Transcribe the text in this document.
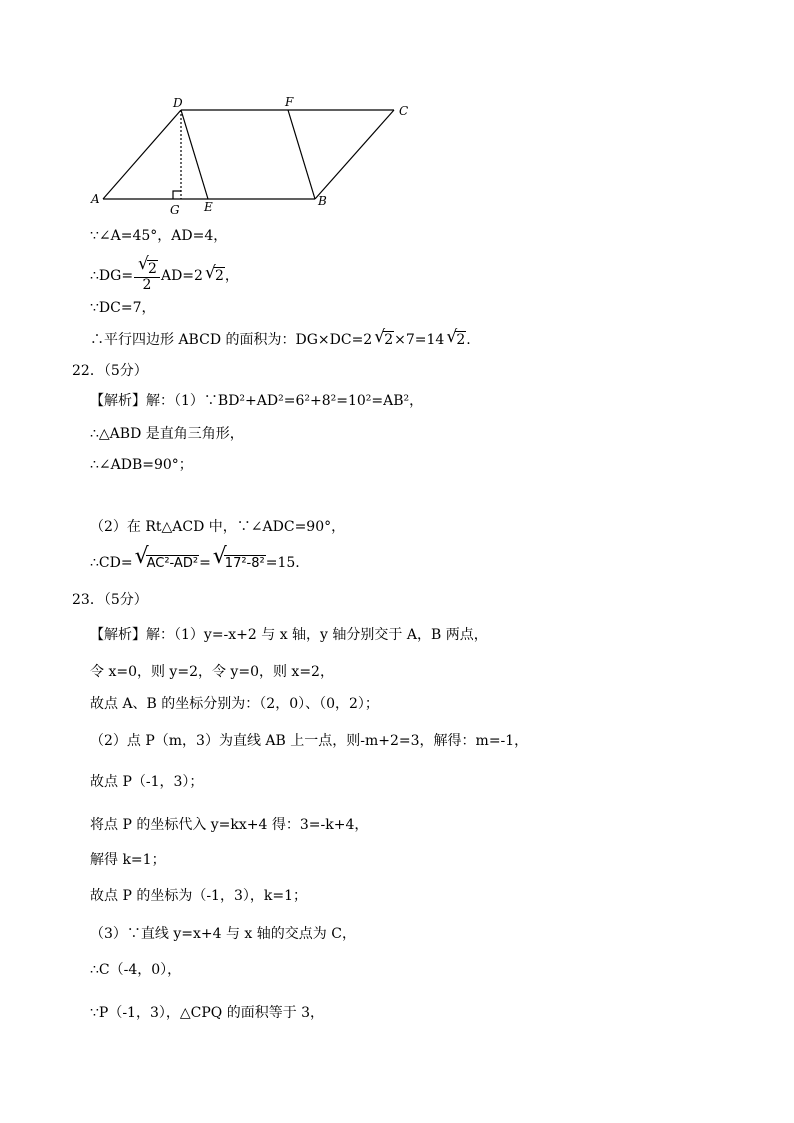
D	F
C
A
G E	B
∵∠A=45°，AD=4，
∴DG=
√ $\frac{2}{2} AD=2√$ 2，
∵DC=7，
∴平行四边形 ABCD 的面积为：DG×DC=2√ 2×7=14√ 2.
22．（5分）
【解析】解：（1）∵BD²+AD²=6²+8²=10²=AB²，
∴△ABD 是直角三角形，
∴∠ADB=90°；
（2）在 Rt△ACD 中，∵∠ADC=90°，
∴CD=√ AC²-AD²=√ 17²-8²=15.
23．（5分）
【解析】解：（1）y=-x+2 与 x 轴，y 轴分别交于 A，B 两点，
令 x=0，则 y=2，令 y=0，则 x=2，
故点 A、B 的坐标分别为：（2，0）、（0，2）；
（2）点 P（m，3）为直线 AB 上一点，则-m+2=3，解得：m=-1，
故点 P（-1，3）；
将点 P 的坐标代入 y=kx+4 得：3=-k+4，
解得 k=1；
故点 P 的坐标为（-1，3），k=1；
（3）∵直线 y=x+4 与 x 轴的交点为 C，
∴C（-4，0），
∵P（-1，3），△CPQ 的面积等于 3，
